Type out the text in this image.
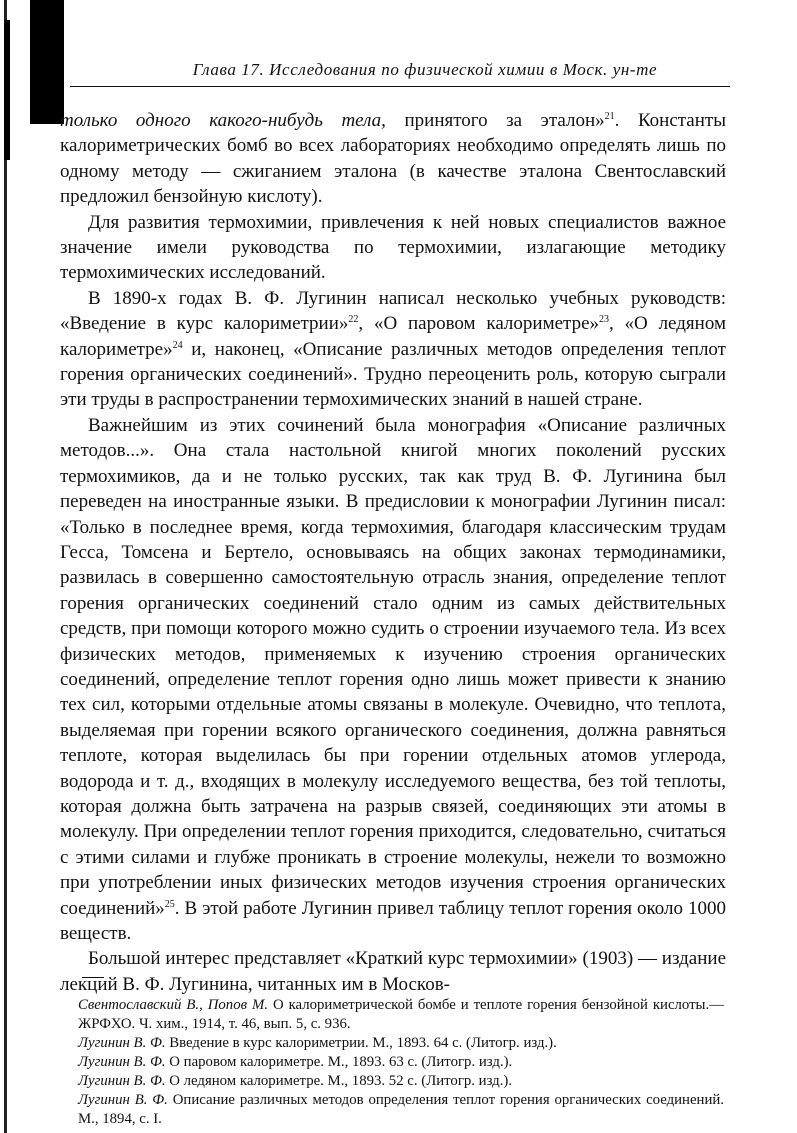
Глава 17. Исследования по физической химии в Моск. ун-те

только одного какого-нибудь тела, принятого за эталон»$^{21}$. Константы калориметрических бомб во всех лабораториях необходимо определять лишь по одному методу — сжиганием эталона (в качестве эталона Свентославский предложил бензойную кислоту).

Для развития термохимии, привлечения к ней новых специалистов важное значение имели руководства по термохимии, излагающие методику термохимических исследований.

В 1890-х годах В. Ф. Лугинин написал несколько учебных руководств: «Введение в курс калориметрии»$^{22}$, «О паровом калориметре»$^{23}$, «О ледяном калориметре»$^{24}$ и, наконец, «Описание различных методов определения теплот горения органических соединений». Трудно переоценить роль, которую сыграли эти труды в распространении термохимических знаний в нашей стране.

Важнейшим из этих сочинений была монография «Описание различных методов...». Она стала настольной книгой многих поколений русских термохимиков, да и не только русских, так как труд В. Ф. Лугинина был переведен на иностранные языки. В предисловии к монографии Лугинин писал: «Только в последнее время, когда термохимия, благодаря классическим трудам Гесса, Томсена и Бертело, основываясь на общих законах термодинамики, развилась в совершенно самостоятельную отрасль знания, определение теплот горения органических соединений стало одним из самых действительных средств, при помощи которого можно судить о строении изучаемого тела. Из всех физических методов, применяемых к изучению строения органических соединений, определение теплот горения одно лишь может привести к знанию тех сил, которыми отдельные атомы связаны в молекуле. Очевидно, что теплота, выделяемая при горении всякого органического соединения, должна равняться теплоте, которая выделилась бы при горении отдельных атомов углерода, водорода и т. д., входящих в молекулу исследуемого вещества, без той теплоты, которая должна быть затрачена на разрыв связей, соединяющих эти атомы в молекулу. При определении теплот горения приходится, следовательно, считаться с этими силами и глубже проникать в строение молекулы, нежели то возможно при употреблении иных физических методов изучения строения органических соединений»$^{25}$. В этой работе Лугинин привел таблицу теплот горения около 1000 веществ.

Большой интерес представляет «Краткий курс термохимии» (1903) — издание лекций В. Ф. Лугинина, читанных им в Москов-

Свентославский В., Попов М. О калориметрической бомбе и теплоте горения бензойной кислоты.— ЖРФХО. Ч. хим., 1914, т. 46, вып. 5, с. 936.

Лугинин В. Ф. Введение в курс калориметрии. М., 1893. 64 с. (Литогр. изд.).

Лугинин В. Ф. О паровом калориметре. М., 1893. 63 с. (Литогр. изд.).

Лугинин В. Ф. О ледяном калориметре. М., 1893. 52 с. (Литогр. изд.).

Лугинин В. Ф. Описание различных методов определения теплот горения органических соединений. М., 1894, с. I.
